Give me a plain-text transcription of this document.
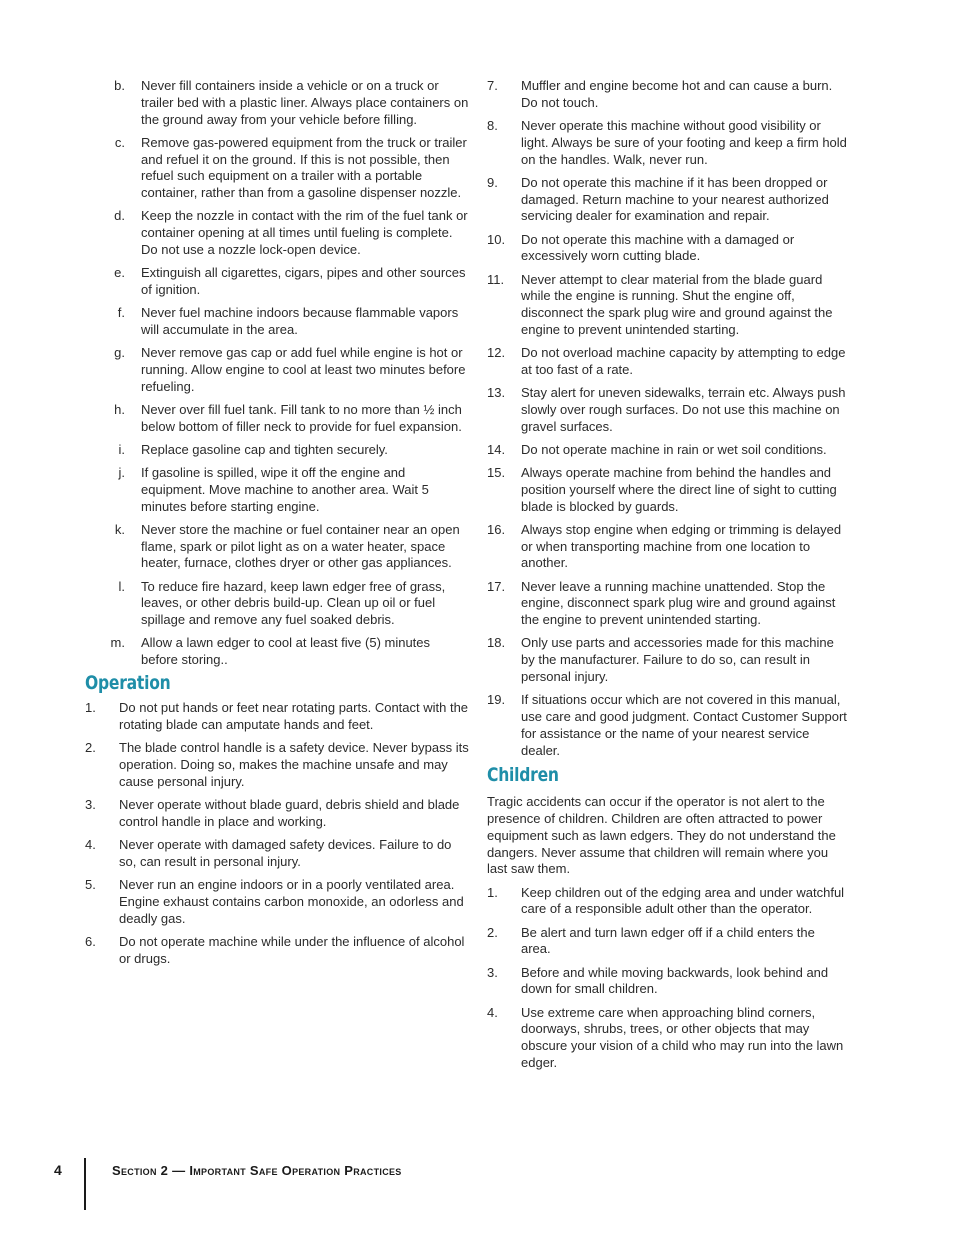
b.	Never fill containers inside a vehicle or on a truck or trailer bed with a plastic liner. Always place containers on the ground away from your vehicle before filling.
c.	Remove gas-powered equipment from the truck or trailer and refuel it on the ground. If this is not possible, then refuel such equipment on a trailer with a portable container, rather than from a gasoline dispenser nozzle.
d.	Keep the nozzle in contact with the rim of the fuel tank or container opening at all times until fueling is complete. Do not use a nozzle lock-open device.
e.	Extinguish all cigarettes, cigars, pipes and other sources of ignition.
f.	Never fuel machine indoors because flammable vapors will accumulate in the area.
g.	Never remove gas cap or add fuel while engine is hot or running. Allow engine to cool at least two minutes before refueling.
h.	Never over fill fuel tank. Fill tank to no more than ½ inch below bottom of filler neck to provide for fuel expansion.
i.	Replace gasoline cap and tighten securely.
j.	If gasoline is spilled, wipe it off the engine and equipment. Move machine to another area. Wait 5 minutes before starting engine.
k.	Never store the machine or fuel container near an open flame, spark or pilot light as on a water heater, space heater, furnace, clothes dryer or other gas appliances.
l.	To reduce fire hazard, keep lawn edger free of grass, leaves, or other debris build-up. Clean up oil or fuel spillage and remove any fuel soaked debris.
m.	Allow a lawn edger to cool at least five (5) minutes before storing..
Operation
1.	Do not put hands or feet near rotating parts. Contact with the rotating blade can amputate hands and feet.
2.	The blade control handle is a safety device. Never bypass its operation. Doing so, makes the machine unsafe and may cause personal injury.
3.	Never operate without blade guard, debris shield and blade control handle in place and working.
4.	Never operate with damaged safety devices. Failure to do so, can result in personal injury.
5.	Never run an engine indoors or in a poorly ventilated area. Engine exhaust contains carbon monoxide, an odorless and deadly gas.
6.	Do not operate machine while under the influence of alcohol or drugs.
7.	Muffler and engine become hot and can cause a burn. Do not touch.
8.	Never operate this machine without good visibility or light. Always be sure of your footing and keep a firm hold on the handles. Walk, never run.
9.	Do not operate this machine if it has been dropped or damaged. Return machine to your nearest authorized servicing dealer for examination and repair.
10.	Do not operate this machine with a damaged or excessively worn cutting blade.
11.	Never attempt to clear material from the blade guard while the engine is running. Shut the engine off, disconnect the spark plug wire and ground against the engine to prevent unintended starting.
12.	Do not overload machine capacity by attempting to edge at too fast of a rate.
13.	Stay alert for uneven sidewalks, terrain etc. Always push slowly over rough surfaces. Do not use this machine on gravel surfaces.
14.	Do not operate machine in rain or wet soil conditions.
15.	Always operate machine from behind the handles and position yourself where the direct line of sight to cutting blade is blocked by guards.
16.	Always stop engine when edging or trimming is delayed or when transporting machine from one location to another.
17.	Never leave a running machine unattended. Stop the engine, disconnect spark plug wire and ground against the engine to prevent unintended starting.
18.	Only use parts and accessories made for this machine by the manufacturer. Failure to do so, can result in personal injury.
19.	If situations occur which are not covered in this manual, use care and good judgment. Contact Customer Support for assistance or the name of your nearest service dealer.
Children

Tragic accidents can occur if the operator is not alert to the presence of children. Children are often attracted to power equipment such as lawn edgers. They do not understand the dangers. Never assume that children will remain where you last saw them.

1.	Keep children out of the edging area and under watchful care of a responsible adult other than the operator.
2.	Be alert and turn lawn edger off if a child enters the area.
3.	Before and while moving backwards, look behind and down for small children.
4.	Use extreme care when approaching blind corners, doorways, shrubs, trees, or other objects that may obscure your vision of a child who may run into the lawn edger.
4	Section 2 — Important Safe Operation Practices
